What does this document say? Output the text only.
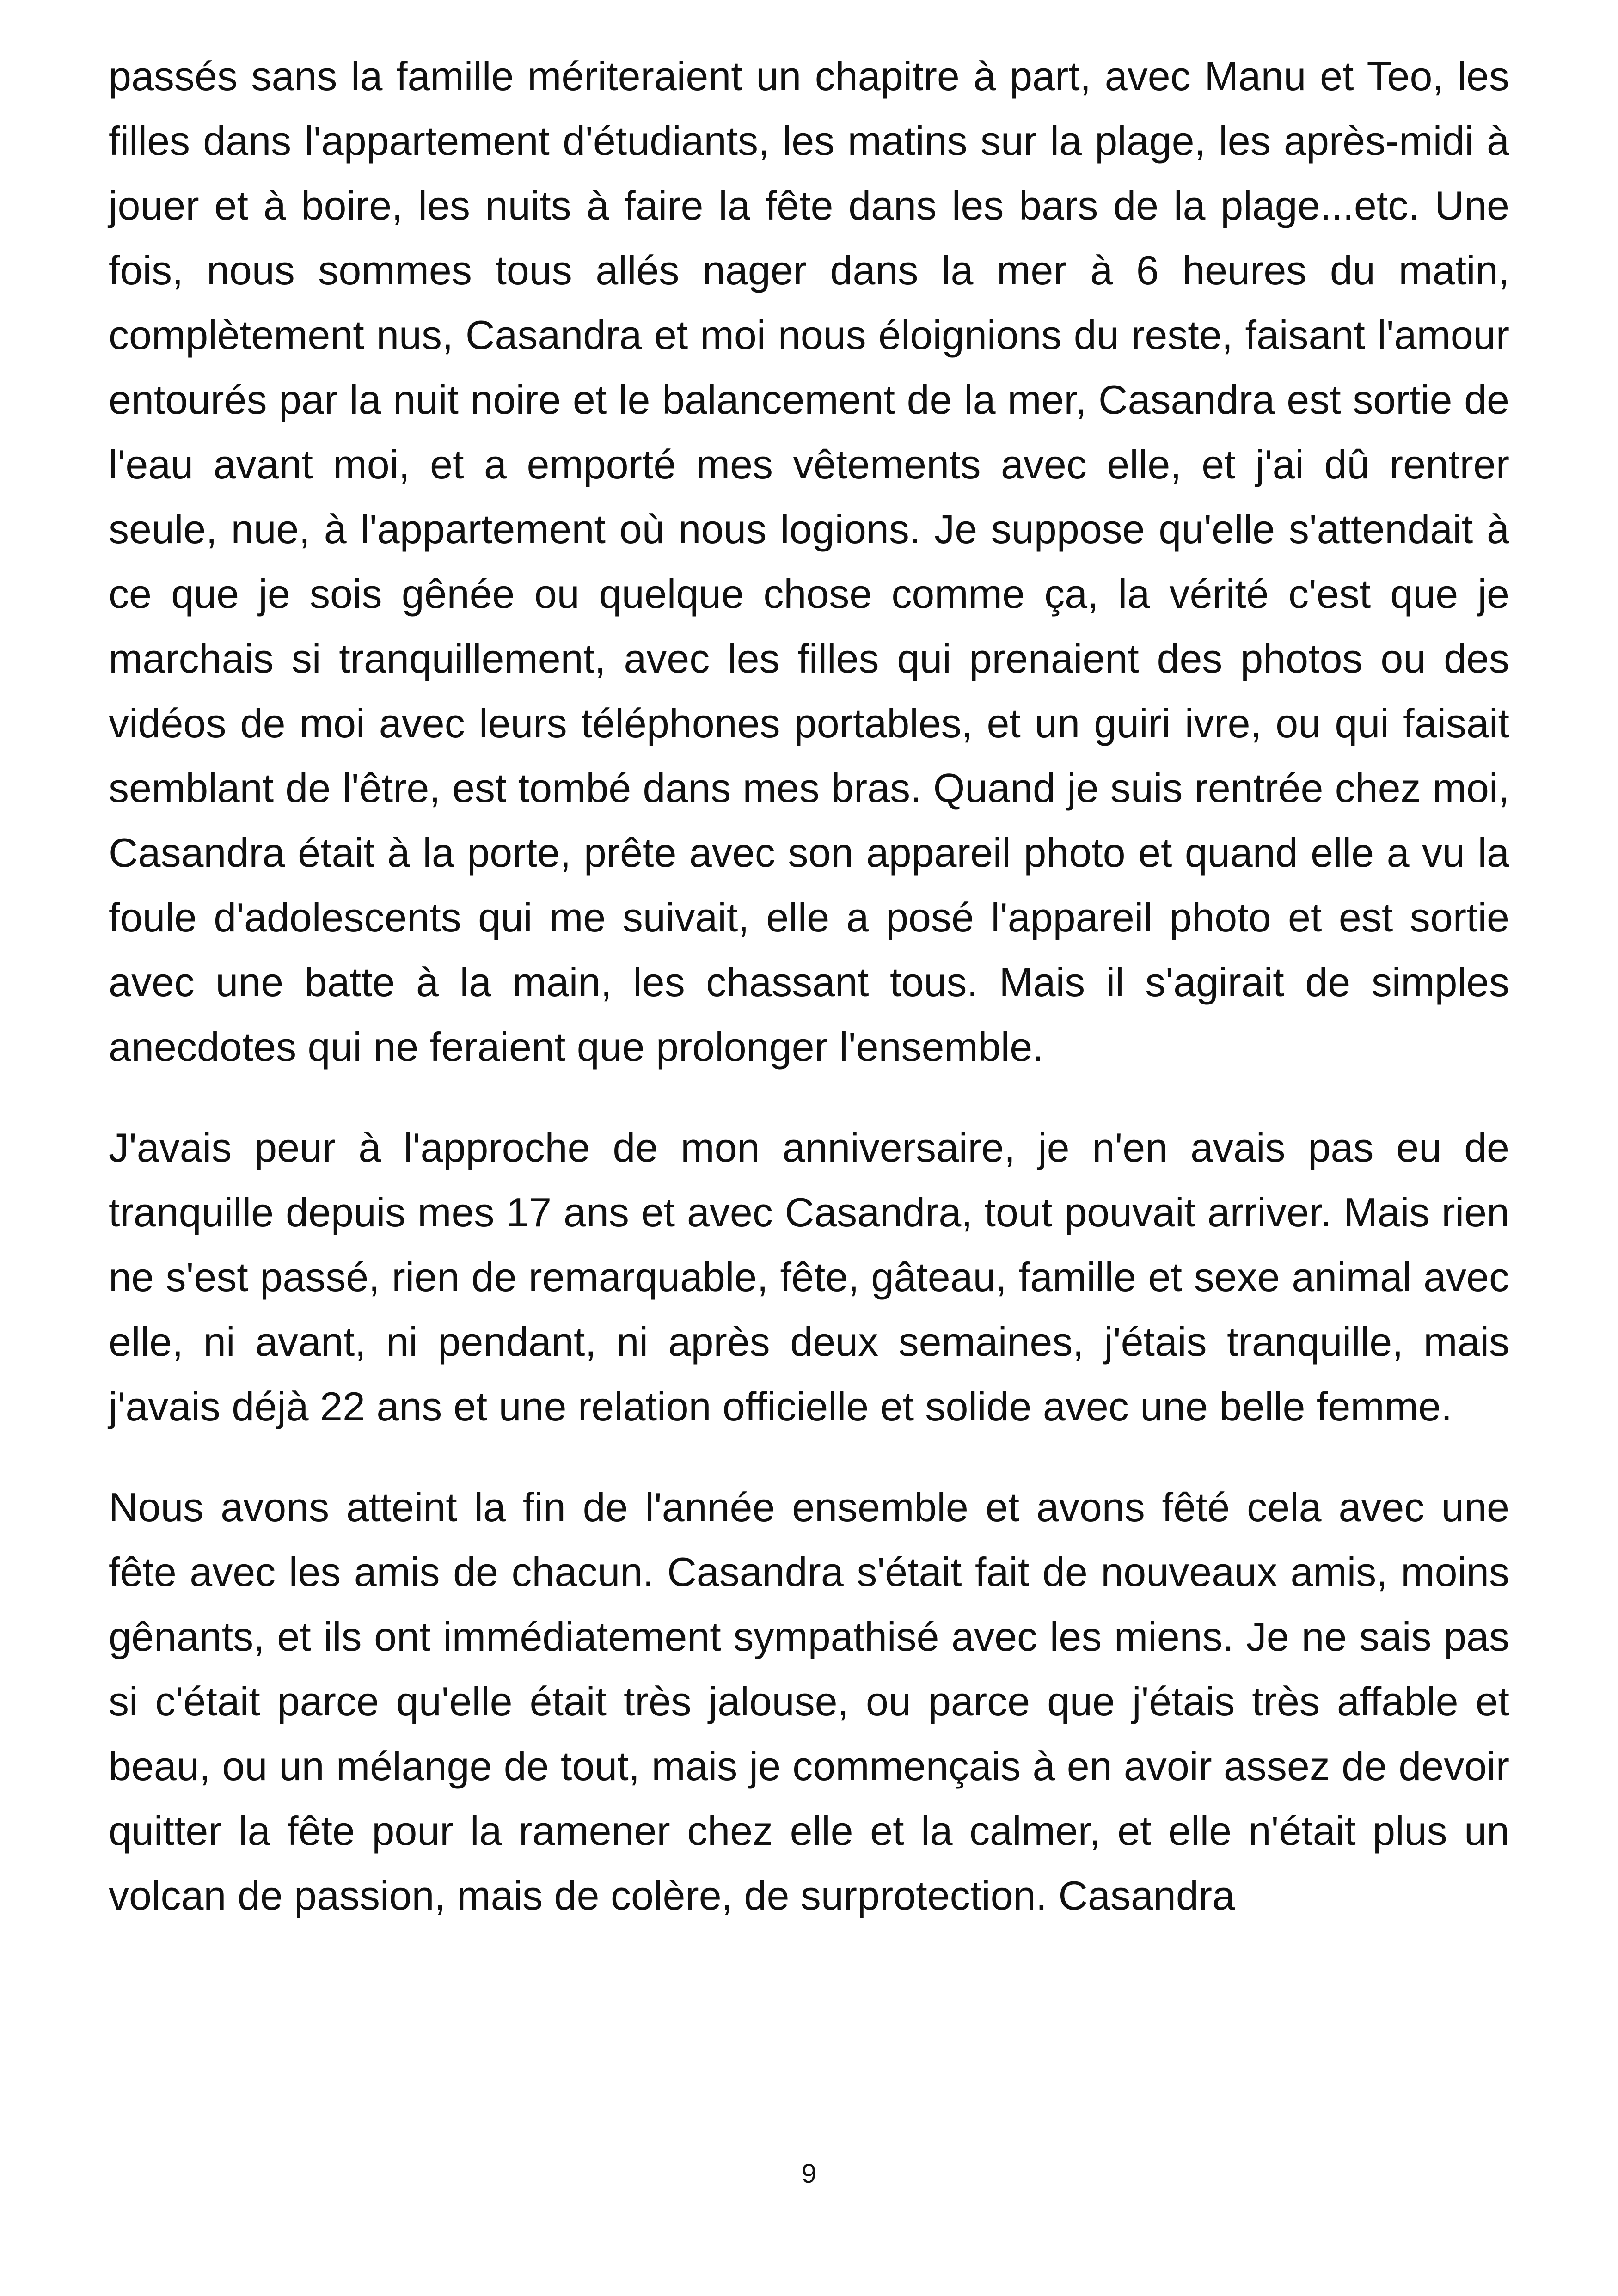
passés sans la famille mériteraient un chapitre à part, avec Manu et Teo, les filles dans l'appartement d'étudiants, les matins sur la plage, les après-midi à jouer et à boire, les nuits à faire la fête dans les bars de la plage...etc. Une fois, nous sommes tous allés nager dans la mer à 6 heures du matin, complètement nus, Casandra et moi nous éloignions du reste, faisant l'amour entourés par la nuit noire et le balancement de la mer, Casandra est sortie de l'eau avant moi, et a emporté mes vêtements avec elle, et j'ai dû rentrer seule, nue, à l'appartement où nous logions. Je suppose qu'elle s'attendait à ce que je sois gênée ou quelque chose comme ça, la vérité c'est que je marchais si tranquillement, avec les filles qui prenaient des photos ou des vidéos de moi avec leurs téléphones portables, et un guiri ivre, ou qui faisait semblant de l'être, est tombé dans mes bras. Quand je suis rentrée chez moi, Casandra était à la porte, prête avec son appareil photo et quand elle a vu la foule d'adolescents qui me suivait, elle a posé l'appareil photo et est sortie avec une batte à la main, les chassant tous. Mais il s'agirait de simples anecdotes qui ne feraient que prolonger l'ensemble.

J'avais peur à l'approche de mon anniversaire, je n'en avais pas eu de tranquille depuis mes 17 ans et avec Casandra, tout pouvait arriver. Mais rien ne s'est passé, rien de remarquable, fête, gâteau, famille et sexe animal avec elle, ni avant, ni pendant, ni après deux semaines, j'étais tranquille, mais j'avais déjà 22 ans et une relation officielle et solide avec une belle femme.

Nous avons atteint la fin de l'année ensemble et avons fêté cela avec une fête avec les amis de chacun. Casandra s'était fait de nouveaux amis, moins gênants, et ils ont immédiatement sympathisé avec les miens. Je ne sais pas si c'était parce qu'elle était très jalouse, ou parce que j'étais très affable et beau, ou un mélange de tout, mais je commençais à en avoir assez de devoir quitter la fête pour la ramener chez elle et la calmer, et elle n'était plus un volcan de passion, mais de colère, de surprotection. Casandra

9
